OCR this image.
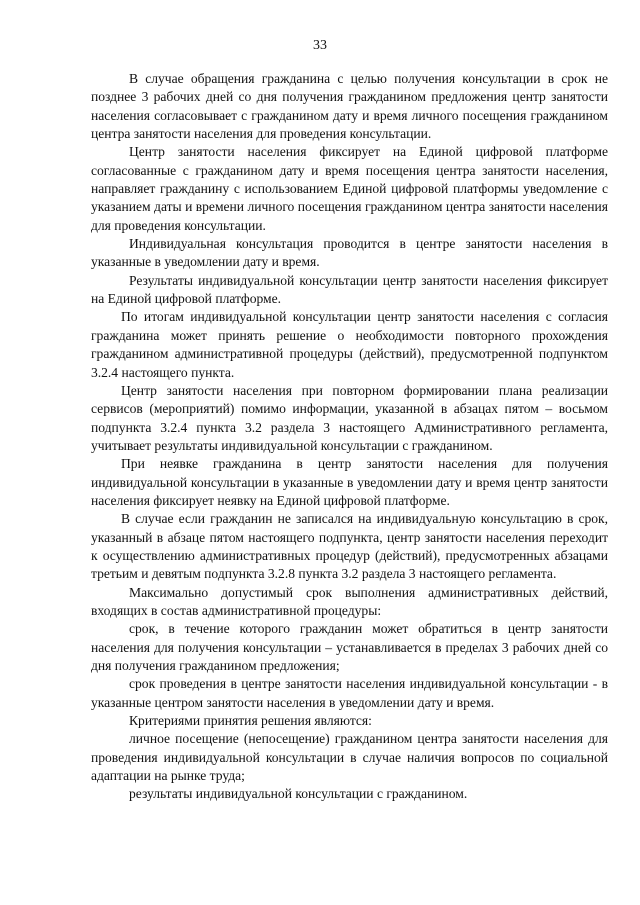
33

В случае обращения гражданина с целью получения консультации в срок не позднее 3 рабочих дней со дня получения гражданином предложения центр занятости населения согласовывает с гражданином дату и время личного посещения гражданином центра занятости населения для проведения консультации.

Центр занятости населения фиксирует на Единой цифровой платформе согласованные с гражданином дату и время посещения центра занятости населения, направляет гражданину с использованием Единой цифровой платформы уведомление с указанием даты и времени личного посещения гражданином центра занятости населения для проведения консультации.

Индивидуальная консультация проводится в центре занятости населения в указанные в уведомлении дату и время.

Результаты индивидуальной консультации центр занятости населения фиксирует на Единой цифровой платформе.

По итогам индивидуальной консультации центр занятости населения с согласия гражданина может принять решение о необходимости повторного прохождения гражданином административной процедуры (действий), предусмотренной подпунктом 3.2.4 настоящего пункта.

Центр занятости населения при повторном формировании плана реализации сервисов (мероприятий) помимо информации, указанной в абзацах пятом – восьмом подпункта 3.2.4 пункта 3.2 раздела 3 настоящего Административного регламента, учитывает результаты индивидуальной консультации с гражданином.

При неявке гражданина в центр занятости населения для получения индивидуальной консультации в указанные в уведомлении дату и время центр занятости населения фиксирует неявку на Единой цифровой платформе.

В случае если гражданин не записался на индивидуальную консультацию в срок, указанный в абзаце пятом настоящего подпункта, центр занятости населения переходит к осуществлению административных процедур (действий), предусмотренных абзацами третьим и девятым подпункта 3.2.8 пункта 3.2 раздела 3 настоящего регламента.

Максимально допустимый срок выполнения административных действий, входящих в состав административной процедуры:

срок, в течение которого гражданин может обратиться в центр занятости населения для получения консультации – устанавливается в пределах 3 рабочих дней со дня получения гражданином предложения;

срок проведения в центре занятости населения индивидуальной консультации - в указанные центром занятости населения в уведомлении дату и время.

Критериями принятия решения являются:

личное посещение (непосещение) гражданином центра занятости населения для проведения индивидуальной консультации в случае наличия вопросов по социальной адаптации на рынке труда;

результаты индивидуальной консультации с гражданином.
